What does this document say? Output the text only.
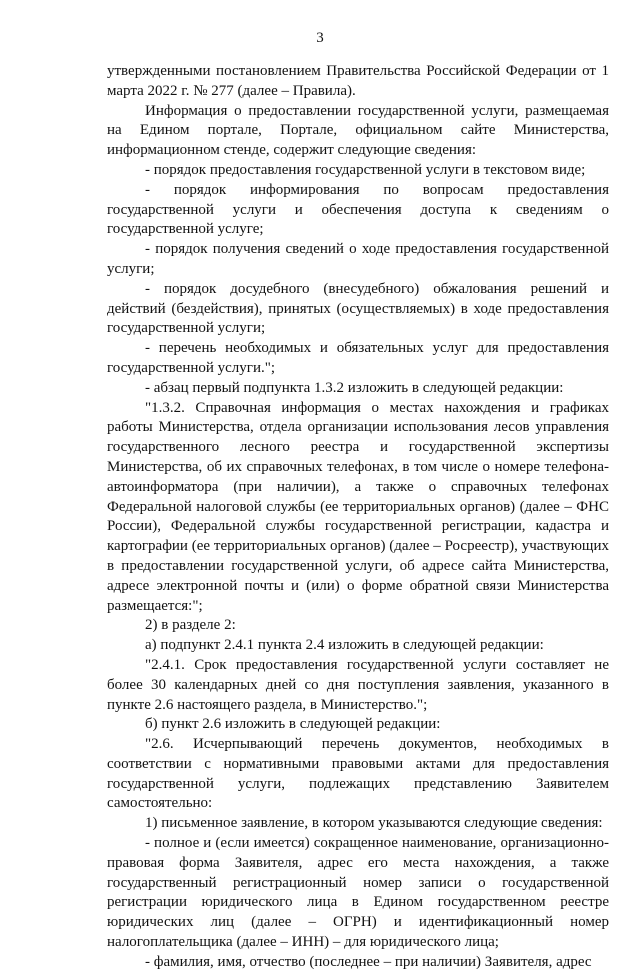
3

утвержденными постановлением Правительства Российской Федерации от 1 марта 2022 г. № 277 (далее – Правила).

Информация о предоставлении государственной услуги, размещаемая на Едином портале, Портале, официальном сайте Министерства, информационном стенде, содержит следующие сведения:

- порядок предоставления государственной услуги в текстовом виде;

- порядок информирования по вопросам предоставления государственной услуги и обеспечения доступа к сведениям о государственной услуге;

- порядок получения сведений о ходе предоставления государственной услуги;

- порядок досудебного (внесудебного) обжалования решений и действий (бездействия), принятых (осуществляемых) в ходе предоставления государственной услуги;

- перечень необходимых и обязательных услуг для предоставления государственной услуги.";

- абзац первый подпункта 1.3.2 изложить в следующей редакции:

"1.3.2. Справочная информация о местах нахождения и графиках работы Министерства, отдела организации использования лесов управления государственного лесного реестра и государственной экспертизы Министерства, об их справочных телефонах, в том числе о номере телефона-автоинформатора (при наличии), а также о справочных телефонах Федеральной налоговой службы (ее территориальных органов) (далее – ФНС России), Федеральной службы государственной регистрации, кадастра и картографии (ее территориальных органов) (далее – Росреестр), участвующих в предоставлении государственной услуги, об адресе сайта Министерства, адресе электронной почты и (или) о форме обратной связи Министерства размещается:";

2) в разделе 2:

а) подпункт 2.4.1 пункта 2.4 изложить в следующей редакции:

"2.4.1. Срок предоставления государственной услуги составляет не более 30 календарных дней со дня поступления заявления, указанного в пункте 2.6 настоящего раздела, в Министерство.";

б) пункт 2.6 изложить в следующей редакции:

"2.6. Исчерпывающий перечень документов, необходимых в соответствии с нормативными правовыми актами для предоставления государственной услуги, подлежащих представлению Заявителем самостоятельно:

1) письменное заявление, в котором указываются следующие сведения:

- полное и (если имеется) сокращенное наименование, организационно-правовая форма Заявителя, адрес его места нахождения, а также государственный регистрационный номер записи о государственной регистрации юридического лица в Едином государственном реестре юридических лиц (далее – ОГРН) и идентификационный номер налогоплательщика (далее – ИНН) – для юридического лица;

- фамилия, имя, отчество (последнее – при наличии) Заявителя, адрес
